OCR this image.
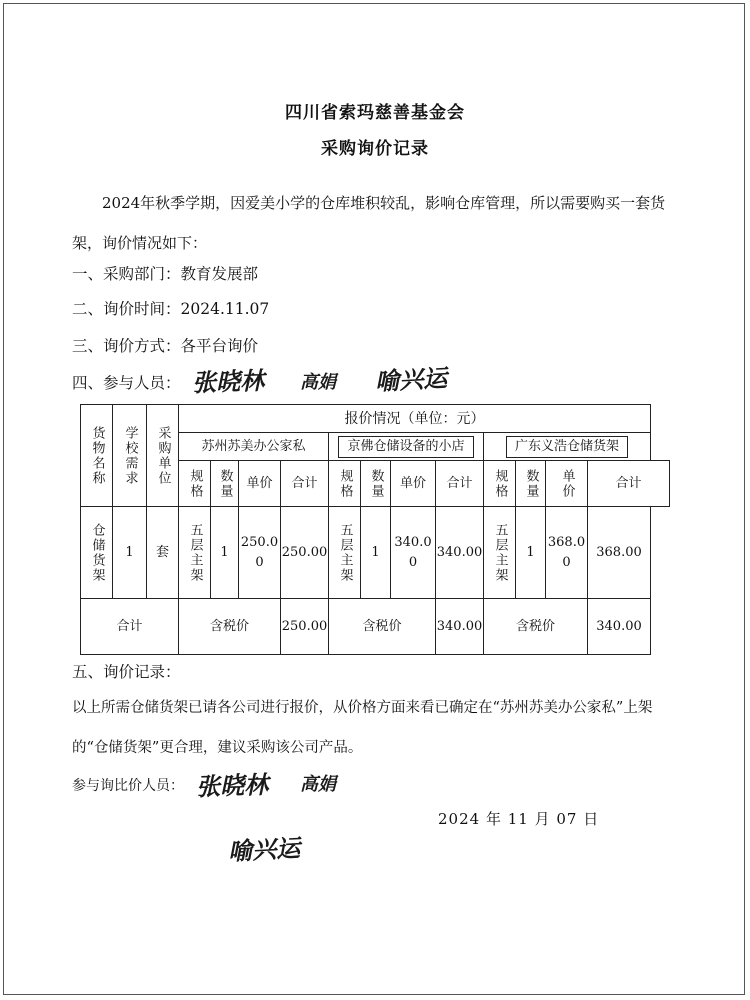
四川省索玛慈善基金会
采购询价记录
2024年秋季学期，因爱美小学的仓库堆积较乱，影响仓库管理，所以需要购买一套货架，询价情况如下：
一、采购部门：教育发展部
二、询价时间：2024.11.07
三、询价方式：各平台询价
四、参与人员： 张晓林 高娟 喻兴运
货物名称	学校需求	采购单位	报价情况（单位：元）											
			苏州苏美办公家私				京佛仓储设备的小店				广东义浩仓储货架			

			规格	数量	单价	合计	规格	数量	单价	合计	规格	数量	单价	合计

仓储货架	1	套	五层主架	1	250.00	250.00	五层主架	1	340.00	340.00	五层主架	1	368.00	368.00
合计			含税价			250.00	含税价			340.00	含税价			340.00
五、询价记录：
以上所需仓储货架已请各公司进行报价，从价格方面来看已确定在“苏州苏美办公家私”上架的“仓储货架”更合理，建议采购该公司产品。
参与询比价人员： 张晓林 高娟
喻兴运
2024 年 11 月 07 日
